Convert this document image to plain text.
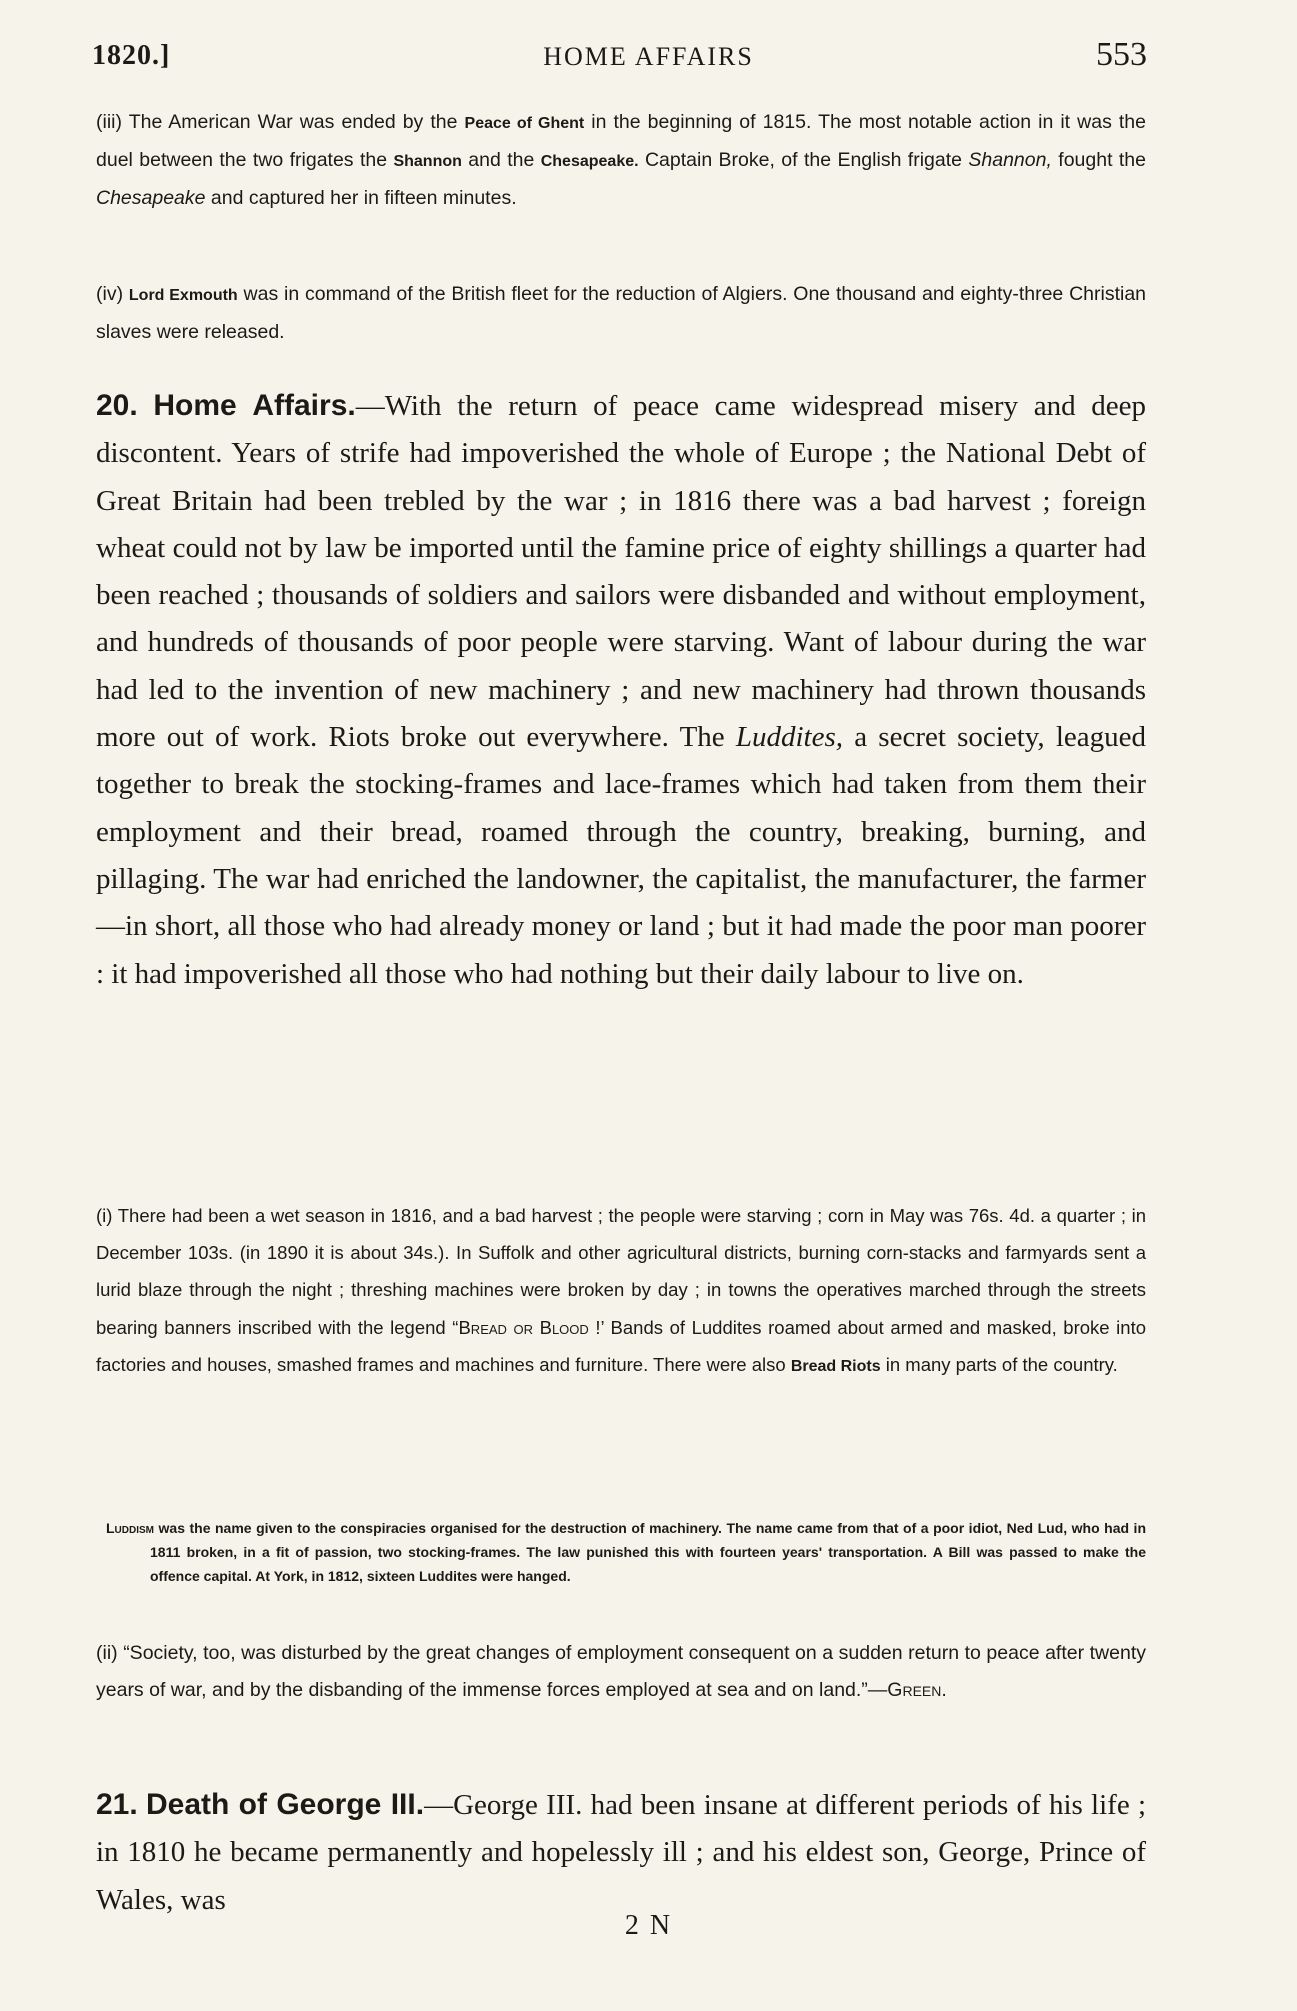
1820.]	HOME AFFAIRS	553

(iii) The American War was ended by the Peace of Ghent in the beginning of 1815. The most notable action in it was the duel between the two frigates the Shannon and the Chesapeake. Captain Broke, of the English frigate Shannon, fought the Chesapeake and captured her in fifteen minutes.

(iv) Lord Exmouth was in command of the British fleet for the reduction of Algiers. One thousand and eighty-three Christian slaves were released.

20. Home Affairs.—With the return of peace came widespread misery and deep discontent. Years of strife had impoverished the whole of Europe ; the National Debt of Great Britain had been trebled by the war ; in 1816 there was a bad harvest ; foreign wheat could not by law be imported until the famine price of eighty shillings a quarter had been reached ; thousands of soldiers and sailors were disbanded and without employment, and hundreds of thousands of poor people were starving. Want of labour during the war had led to the invention of new machinery ; and new machinery had thrown thousands more out of work. Riots broke out everywhere. The Luddites, a secret society, leagued together to break the stocking-frames and lace-frames which had taken from them their employment and their bread, roamed through the country, breaking, burning, and pillaging. The war had enriched the landowner, the capitalist, the manufacturer, the farmer—in short, all those who had already money or land ; but it had made the poor man poorer : it had impoverished all those who had nothing but their daily labour to live on.

(i) There had been a wet season in 1816, and a bad harvest ; the people were starving ; corn in May was 76s. 4d. a quarter ; in December 103s. (in 1890 it is about 34s.). In Suffolk and other agricultural districts, burning corn-stacks and farmyards sent a lurid blaze through the night ; threshing machines were broken by day ; in towns the operatives marched through the streets bearing banners inscribed with the legend “Bread or Blood !’ Bands of Luddites roamed about armed and masked, broke into factories and houses, smashed frames and machines and furniture. There were also Bread Riots in many parts of the country.

Luddism was the name given to the conspiracies organised for the destruction of machinery. The name came from that of a poor idiot, Ned Lud, who had in 1811 broken, in a fit of passion, two stocking-frames. The law punished this with fourteen years' transportation. A Bill was passed to make the offence capital. At York, in 1812, sixteen Luddites were hanged.

(ii) “Society, too, was disturbed by the great changes of employment consequent on a sudden return to peace after twenty years of war, and by the disbanding of the immense forces employed at sea and on land.”—Green.

21. Death of George III.—George III. had been insane at different periods of his life ; in 1810 he became permanently and hopelessly ill ; and his eldest son, George, Prince of Wales, was

2 N
